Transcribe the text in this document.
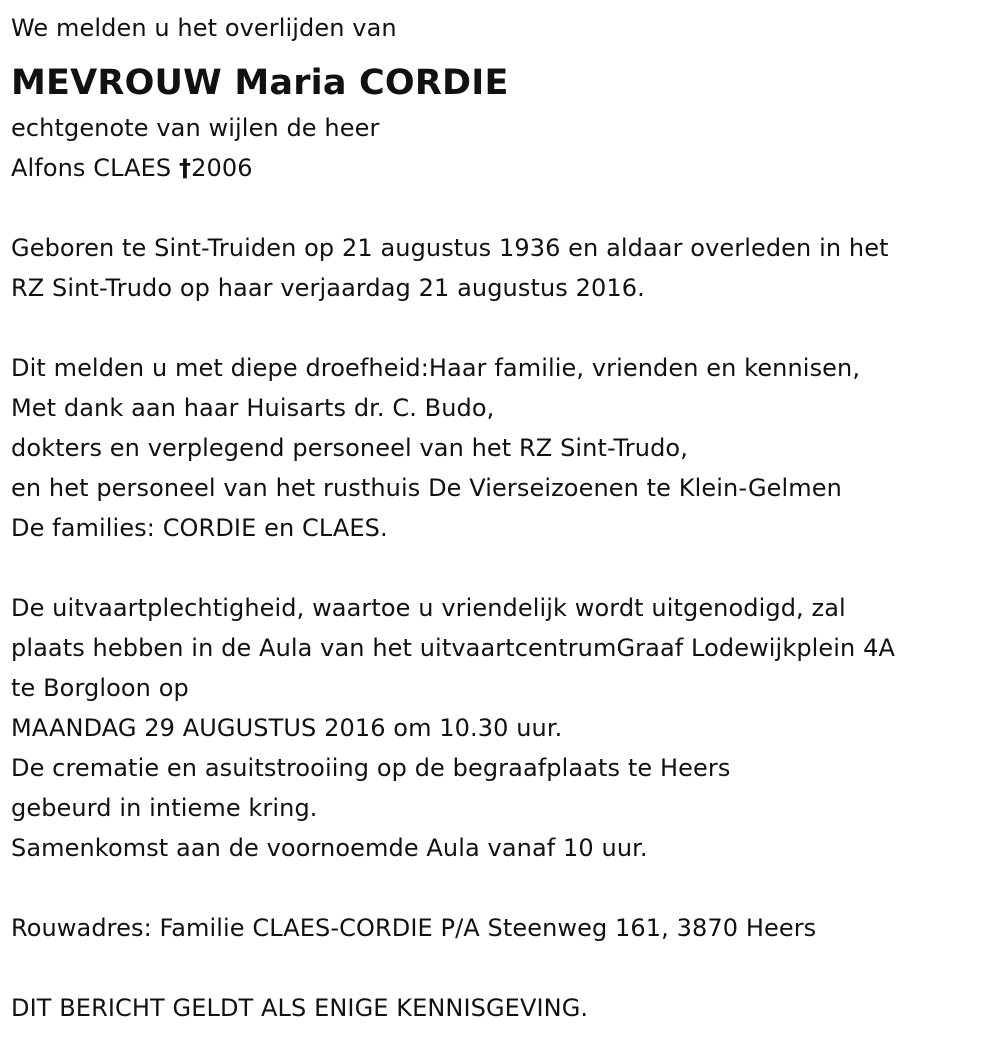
We melden u het overlijden van
MEVROUW Maria CORDIE
echtgenote van wijlen de heer
Alfons CLAES †2006
Geboren te Sint-Truiden op 21 augustus 1936 en aldaar overleden in het
RZ Sint-Trudo op haar verjaardag 21 augustus 2016.
Dit melden u met diepe droefheid:Haar familie, vrienden en kennisen,
Met dank aan haar Huisarts dr. C. Budo,
dokters en verplegend personeel van het RZ Sint-Trudo,
en het personeel van het rusthuis De Vierseizoenen te Klein-Gelmen
De families: CORDIE en CLAES.
De uitvaartplechtigheid, waartoe u vriendelijk wordt uitgenodigd, zal
plaats hebben in de Aula van het uitvaartcentrumGraaf Lodewijkplein 4A
te Borgloon op
MAANDAG 29 AUGUSTUS 2016 om 10.30 uur.
De crematie en asuitstrooiing op de begraafplaats te Heers
gebeurd in intieme kring.
Samenkomst aan de voornoemde Aula vanaf 10 uur.
Rouwadres: Familie CLAES-CORDIE P/A Steenweg 161, 3870 Heers
DIT BERICHT GELDT ALS ENIGE KENNISGEVING.
